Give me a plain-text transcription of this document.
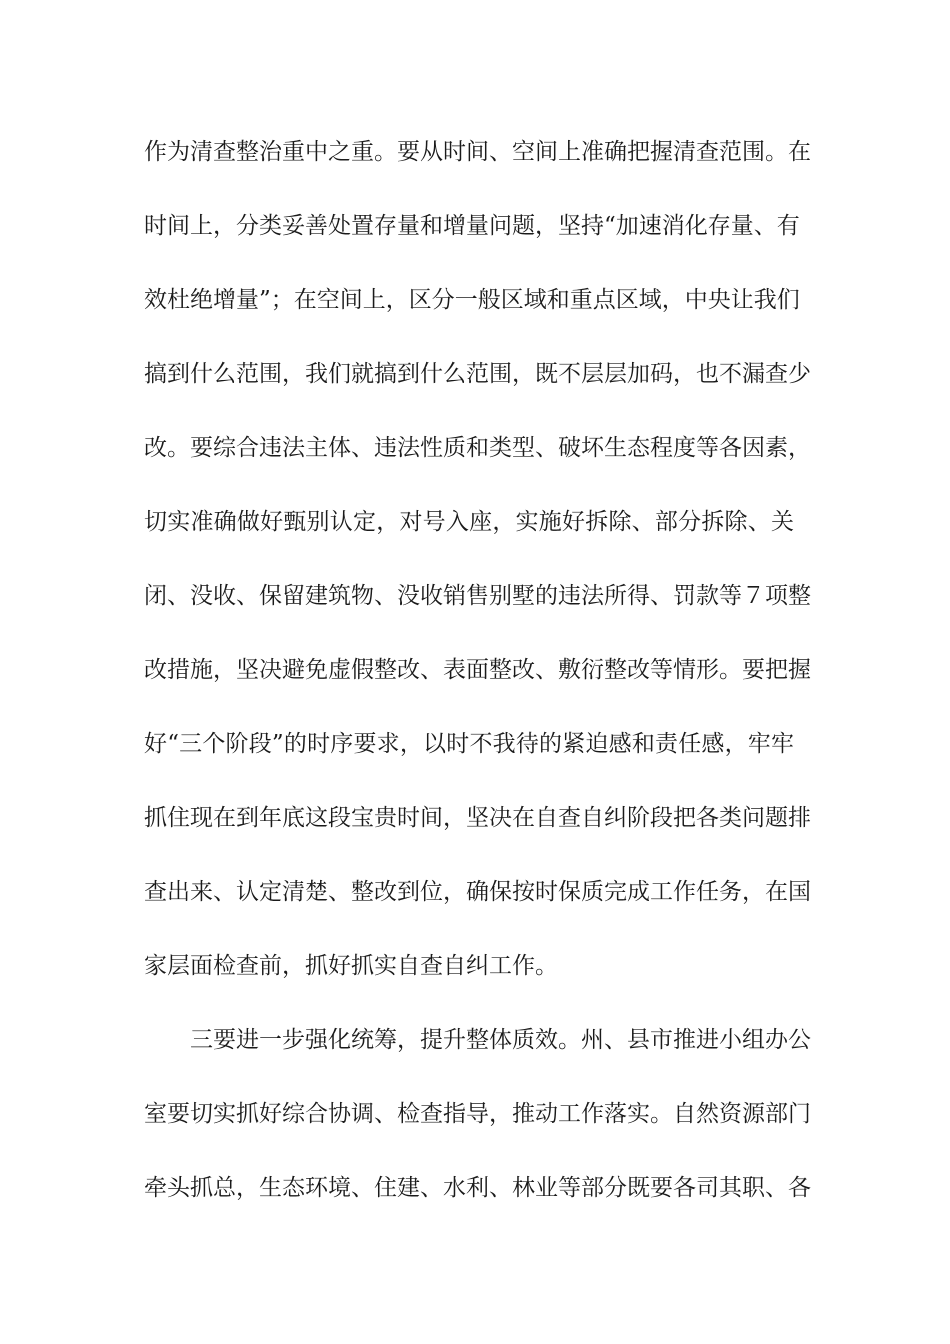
作为清查整治重中之重。要从时间、空间上准确把握清查范围。在
时间上，分类妥善处置存量和增量问题，坚持“加速消化存量、有
效杜绝增量”；在空间上，区分一般区域和重点区域，中央让我们
搞到什么范围，我们就搞到什么范围，既不层层加码，也不漏查少
改。要综合违法主体、违法性质和类型、破坏生态程度等各因素，
切实准确做好甄别认定，对号入座，实施好拆除、部分拆除、关
闭、没收、保留建筑物、没收销售别墅的违法所得、罚款等７项整
改措施，坚决避免虚假整改、表面整改、敷衍整改等情形。要把握
好“三个阶段”的时序要求，以时不我待的紧迫感和责任感，牢牢
抓住现在到年底这段宝贵时间，坚决在自查自纠阶段把各类问题排
查出来、认定清楚、整改到位，确保按时保质完成工作任务，在国
家层面检查前，抓好抓实自查自纠工作。
三要进一步强化统筹，提升整体质效。州、县市推进小组办公
室要切实抓好综合协调、检查指导，推动工作落实。自然资源部门
牵头抓总，生态环境、住建、水利、林业等部分既要各司其职、各
